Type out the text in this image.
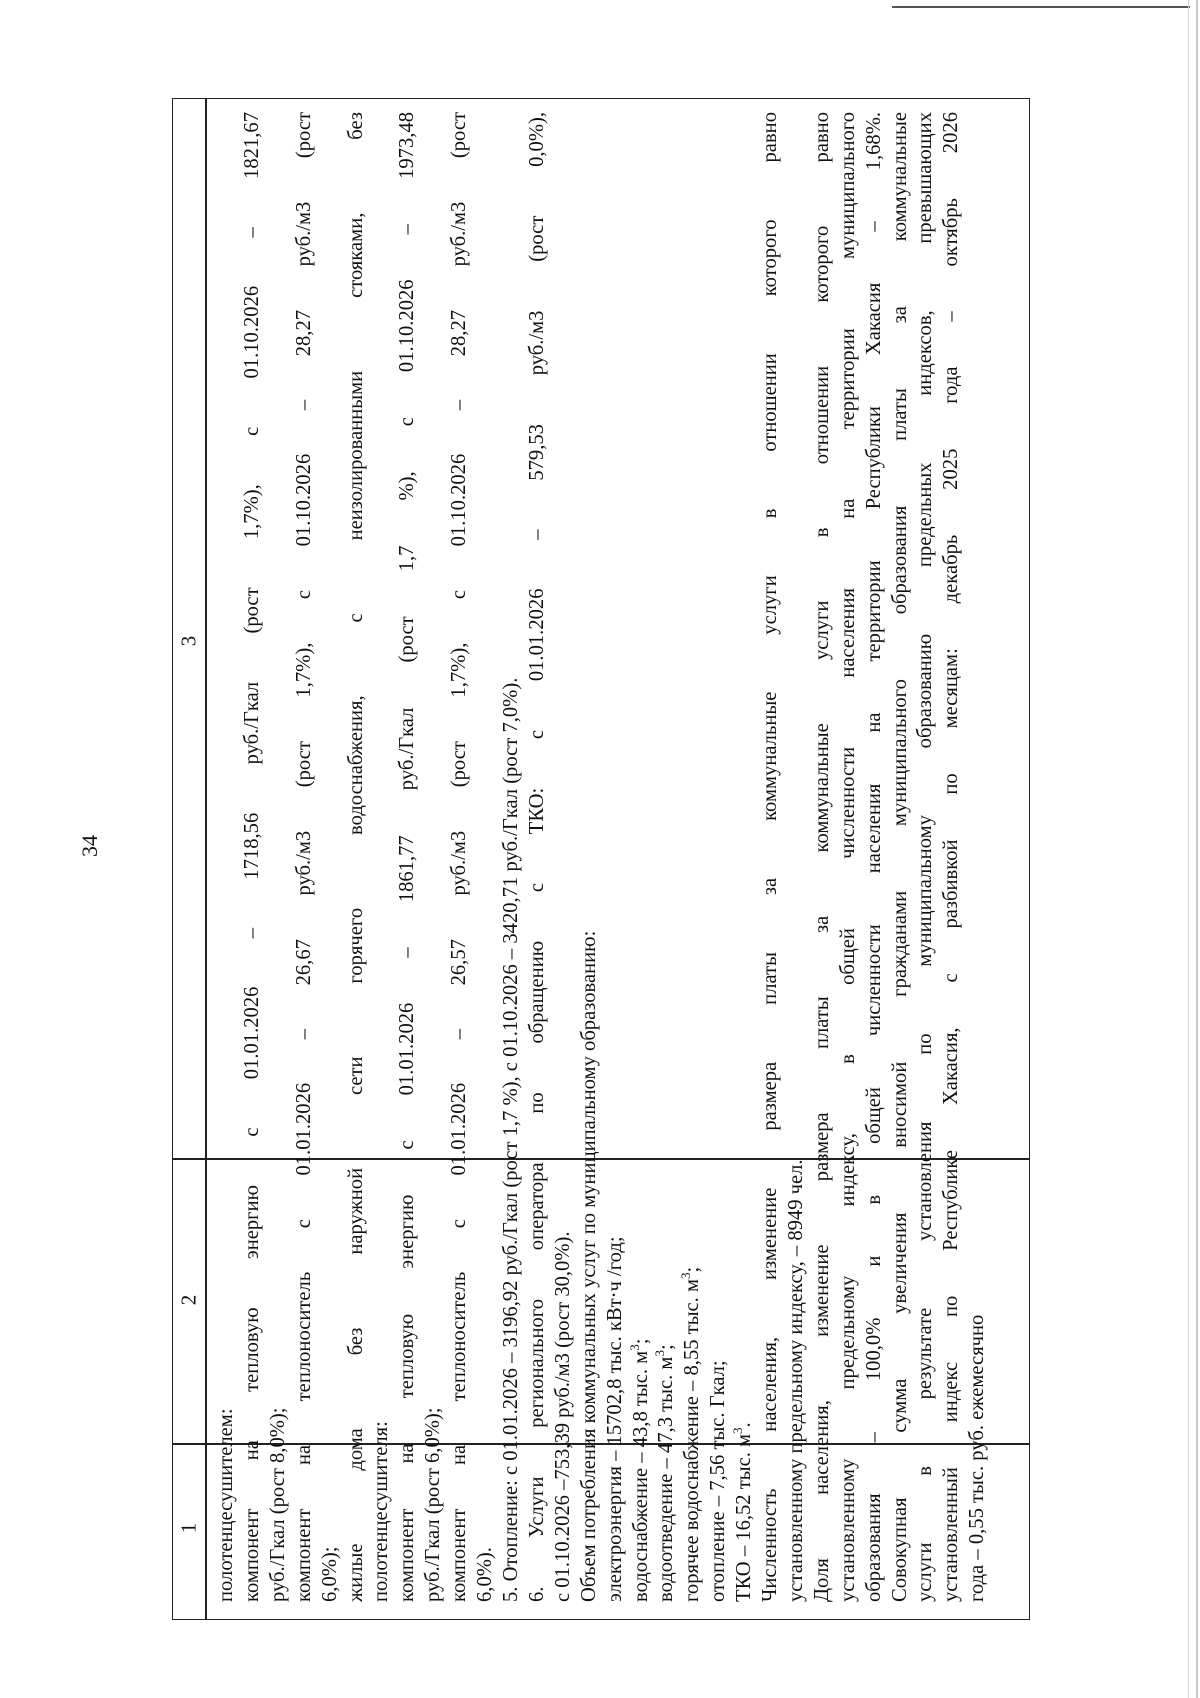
34
1
2
3

полотенцесушителем: компонент на тепловую энергию с 01.01.2026 – 1718,56 руб./Гкал (рост 1,7%), с 01.10.2026 – 1821,67 руб./Гкал (рост 8,0%); компонент на теплоноситель с 01.01.2026 – 26,67 руб./м3 (рост 1,7%), с 01.10.2026 – 28,27 руб./м3 (рост 6,0%); жилые дома без наружной сети горячего водоснабжения, с неизолированными стояками, без полотенцесушителя: компонент на тепловую энергию с 01.01.2026 – 1861,77 руб./Гкал (рост 1,7 %), с 01.10.2026 – 1973,48 руб./Гкал (рост 6,0%); компонент на теплоноситель с 01.01.2026 – 26,57 руб./м3 (рост 1,7%), с 01.10.2026 – 28,27 руб./м3 (рост 6,0%). 5. Отопление: с 01.01.2026 – 3196,92 руб./Гкал (рост 1,7 %), с 01.10.2026 – 3420,71 руб./Гкал (рост 7,0%). 6. Услуги регионального оператора по обращению с ТКО: с 01.01.2026 – 579,53 руб./м3 (рост 0,0%), с 01.10.2026 –753,39 руб./м3 (рост 30,0%). Объем потребления коммунальных услуг по муниципальному образованию: электроэнергия – 15702,8 тыс. кВт·ч /год; водоснабжение – 43,8 тыс. $м^3$;

водоотведение – 47,3 тыс. $м^3$; горячее водоснабжение – 8,55 тыс. $м^3$;

отопление – 7,56 тыс. Гкал; ТКО – 16,52 тыс. $м^3$. Численность населения, изменение размера платы за коммунальные услуги в отношении которого равно установленному предельному индексу, – 8949 чел. Доля населения, изменение размера платы за коммунальные услуги в отношении которого равно установленному предельному индексу, в общей численности населения на территории муниципального образования – 100,0% и в общей численности населения на территории Республики Хакасия – 1,68%. Совокупная сумма увеличения вносимой гражданами муниципального образования платы за коммунальные услуги в результате установления по муниципальному образованию предельных индексов, превышающих установленный индекс по Республике Хакасия, с разбивкой по месяцам: декабрь 2025 года – октябрь 2026 года – 0,55 тыс. руб. ежемесячно
